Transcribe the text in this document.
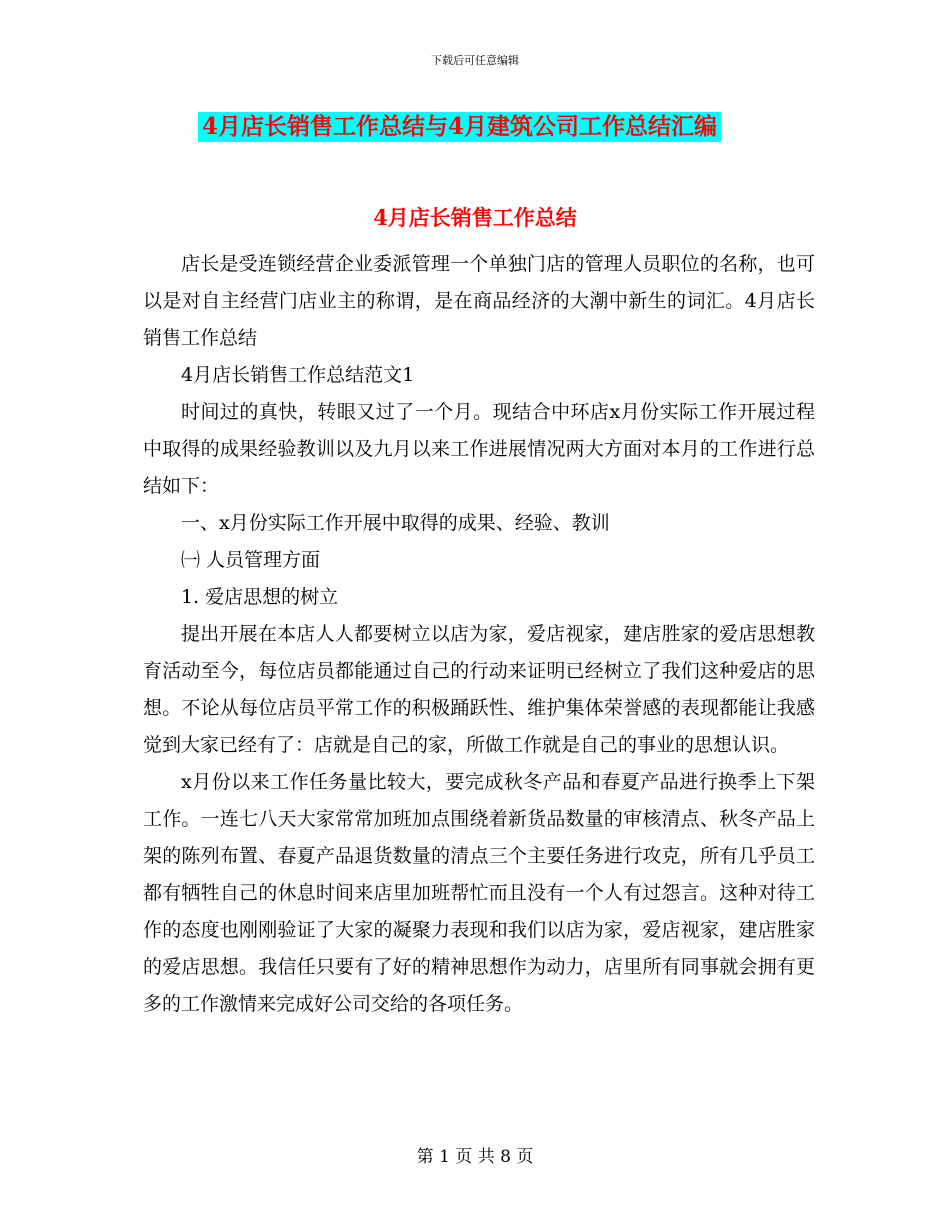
下载后可任意编辑
4月店长销售工作总结与4月建筑公司工作总结汇编
4月店长销售工作总结

店长是受连锁经营企业委派管理一个单独门店的管理人员职位的名称，也可以是对自主经营门店业主的称谓，是在商品经济的大潮中新生的词汇。4月店长销售工作总结

4月店长销售工作总结范文1

时间过的真快，转眼又过了一个月。现结合中环店x月份实际工作开展过程中取得的成果经验教训以及九月以来工作进展情况两大方面对本月的工作进行总结如下：

一、x月份实际工作开展中取得的成果、经验、教训

㈠ 人员管理方面

1. 爱店思想的树立

提出开展在本店人人都要树立以店为家，爱店视家，建店胜家的爱店思想教育活动至今，每位店员都能通过自己的行动来证明已经树立了我们这种爱店的思想。不论从每位店员平常工作的积极踊跃性、维护集体荣誉感的表现都能让我感觉到大家已经有了：店就是自己的家，所做工作就是自己的事业的思想认识。

x月份以来工作任务量比较大，要完成秋冬产品和春夏产品进行换季上下架工作。一连七八天大家常常加班加点围绕着新货品数量的审核清点、秋冬产品上架的陈列布置、春夏产品退货数量的清点三个主要任务进行攻克，所有几乎员工都有牺牲自己的休息时间来店里加班帮忙而且没有一个人有过怨言。这种对待工作的态度也刚刚验证了大家的凝聚力表现和我们以店为家，爱店视家，建店胜家的爱店思想。我信任只要有了好的精神思想作为动力，店里所有同事就会拥有更多的工作激情来完成好公司交给的各项任务。

第 1 页 共 8 页
